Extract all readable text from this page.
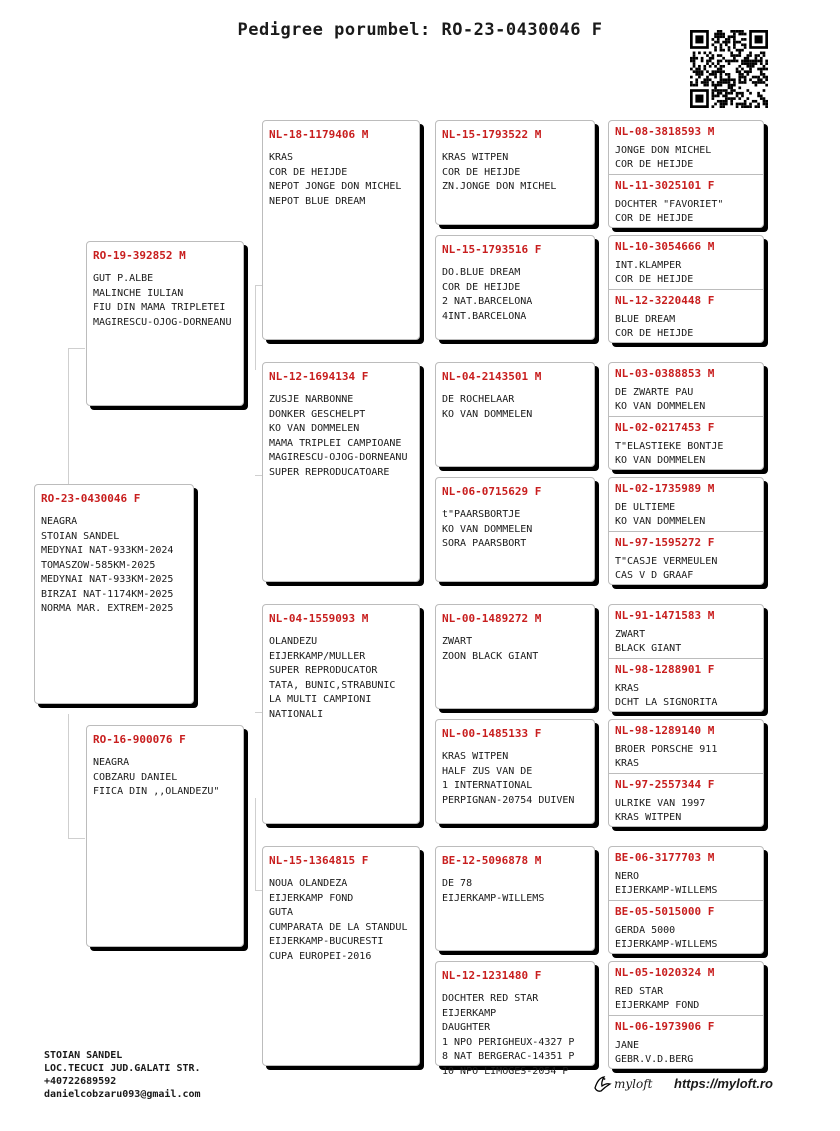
Pedigree porumbel: RO-23-0430046 F
RO-23-0430046 F
NEAGRA
STOIAN SANDEL
MEDYNAI NAT-933KM-2024
TOMASZOW-585KM-2025
MEDYNAI NAT-933KM-2025
BIRZAI NAT-1174KM-2025
NORMA MAR. EXTREM-2025
RO-19-392852 M
GUT P.ALBE
MALINCHE IULIAN
FIU DIN MAMA TRIPLETEI
MAGIRESCU-OJOG-DORNEANU
RO-16-900076 F
NEAGRA
COBZARU DANIEL
FIICA DIN ,,OLANDEZU"
NL-18-1179406 M
KRAS
COR DE HEIJDE
NEPOT JONGE DON MICHEL
NEPOT BLUE DREAM
NL-12-1694134 F
ZUSJE NARBONNE
DONKER GESCHELPT
KO VAN DOMMELEN
MAMA TRIPLEI CAMPIOANE
MAGIRESCU-OJOG-DORNEANU
SUPER REPRODUCATOARE
NL-04-1559093 M
OLANDEZU
EIJERKAMP/MULLER
SUPER REPRODUCATOR
TATA, BUNIC,STRABUNIC
LA MULTI CAMPIONI
NATIONALI
NL-15-1364815 F
NOUA OLANDEZA
EIJERKAMP FOND
GUTA
CUMPARATA DE LA STANDUL
EIJERKAMP-BUCURESTI
CUPA EUROPEI-2016
NL-15-1793522 M
KRAS WITPEN
COR DE HEIJDE
ZN.JONGE DON MICHEL
NL-15-1793516 F
DO.BLUE DREAM
COR DE HEIJDE
2 NAT.BARCELONA
4INT.BARCELONA
NL-04-2143501 M
DE ROCHELAAR
KO VAN DOMMELEN
NL-06-0715629 F
t"PAARSBORTJE
KO VAN DOMMELEN
SORA PAARSBORT
NL-00-1489272 M
ZWART
ZOON BLACK GIANT
NL-00-1485133 F
KRAS WITPEN
HALF ZUS VAN DE
1 INTERNATIONAL
PERPIGNAN-20754 DUIVEN
BE-12-5096878 M
DE 78
EIJERKAMP-WILLEMS
NL-12-1231480 F
DOCHTER RED STAR
EIJERKAMP
DAUGHTER
1 NPO PERIGHEUX-4327 P
8 NAT BERGERAC-14351 P
10 NPO LIMOGES-2054 P
NL-08-3818593 M
JONGE DON MICHEL
COR DE HEIJDE
NL-11-3025101 F
DOCHTER "FAVORIET"
COR DE HEIJDE
NL-10-3054666 M
INT.KLAMPER
COR DE HEIJDE
NL-12-3220448 F
BLUE DREAM
COR DE HEIJDE
NL-03-0388853 M
DE ZWARTE PAU
KO VAN DOMMELEN
NL-02-0217453 F
T"ELASTIEKE BONTJE
KO VAN DOMMELEN
NL-02-1735989 M
DE ULTIEME
KO VAN DOMMELEN
NL-97-1595272 F
T"CASJE VERMEULEN
CAS V D GRAAF
NL-91-1471583 M
ZWART
BLACK GIANT
NL-98-1288901 F
KRAS
DCHT LA SIGNORITA
NL-98-1289140 M
BROER PORSCHE 911
KRAS
NL-97-2557344 F
ULRIKE VAN 1997
KRAS WITPEN
BE-06-3177703 M
NERO
EIJERKAMP-WILLEMS
BE-05-5015000 F
GERDA 5000
EIJERKAMP-WILLEMS
NL-05-1020324 M
RED STAR
EIJERKAMP FOND
NL-06-1973906 F
JANE
GEBR.V.D.BERG
STOIAN SANDEL
LOC.TECUCI JUD.GALATI STR.
+40722689592
danielcobzaru093@gmail.com
myloft https://myloft.ro
